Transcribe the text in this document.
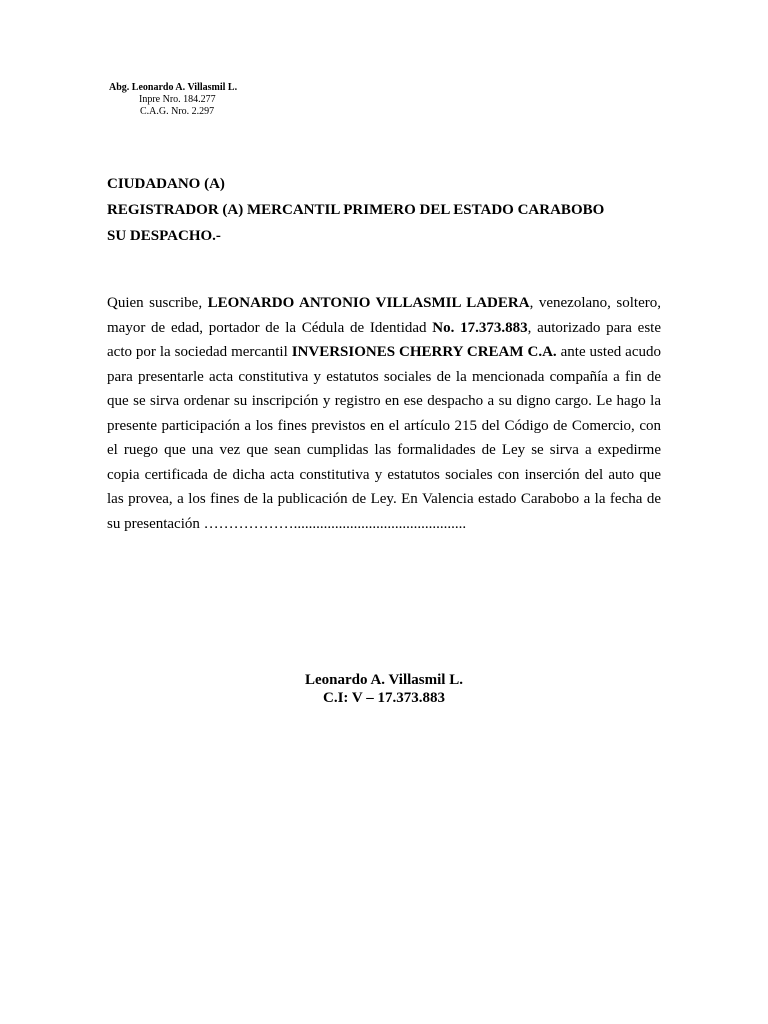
Abg. Leonardo A. Villasmil L.
Inpre Nro. 184.277
C.A.G. Nro. 2.297
CIUDADANO (A)
REGISTRADOR (A) MERCANTIL PRIMERO DEL ESTADO CARABOBO
SU DESPACHO.-
Quien suscribe, LEONARDO ANTONIO VILLASMIL LADERA, venezolano, soltero, mayor de edad, portador de la Cédula de Identidad No. 17.373.883, autorizado para este acto por la sociedad mercantil INVERSIONES CHERRY CREAM C.A. ante usted acudo para presentarle acta constitutiva y estatutos sociales de la mencionada compañía a fin de que se sirva ordenar su inscripción y registro en ese despacho a su digno cargo. Le hago la presente participación a los fines previstos en el artículo 215 del Código de Comercio, con el ruego que una vez que sean cumplidas las formalidades de Ley se sirva a expedirme copia certificada de dicha acta constitutiva y estatutos sociales con inserción del auto que las provea, a los fines de la publicación de Ley. En Valencia estado Carabobo a la fecha de su presentación ………………..............................................
Leonardo A. Villasmil L.
C.I: V – 17.373.883
